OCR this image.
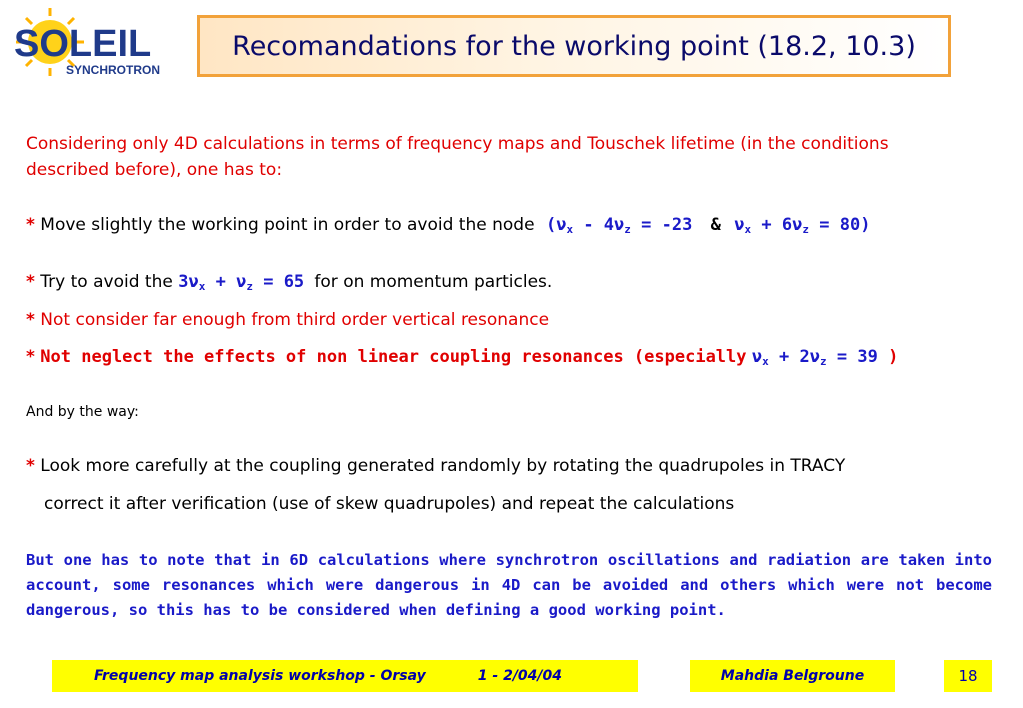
SOLEIL
SYNCHROTRON
Recomandations for the working point (18.2, 10.3)
Considering only 4D calculations in terms of frequency maps and Touschek lifetime (in the conditions described before), one has to:
* Move slightly the working point in order to avoid the node ($\nu_x - 4\nu_z = -23$ & $\nu_x + 6\nu_z = 80$)
* Try to avoid the $3\nu_x + \nu_z = 65$ for on momentum particles.
* Not consider far enough from third order vertical resonance
* Not neglect the effects of non linear coupling resonances (especially $\nu_x + 2\nu_z = 39$ )
And by the way:
* Look more carefully at the coupling generated randomly by rotating the quadrupoles in TRACY
correct it after verification (use of skew quadrupoles) and repeat the calculations
But one has to note that in 6D calculations where synchrotron oscillations and radiation are taken into account, some resonances which were dangerous in 4D can be avoided and others which were not become dangerous, so this has to be considered when defining a good working point.
Frequency map analysis workshop - Orsay	1 - 2/04/04	Mahdia Belgroune	18
